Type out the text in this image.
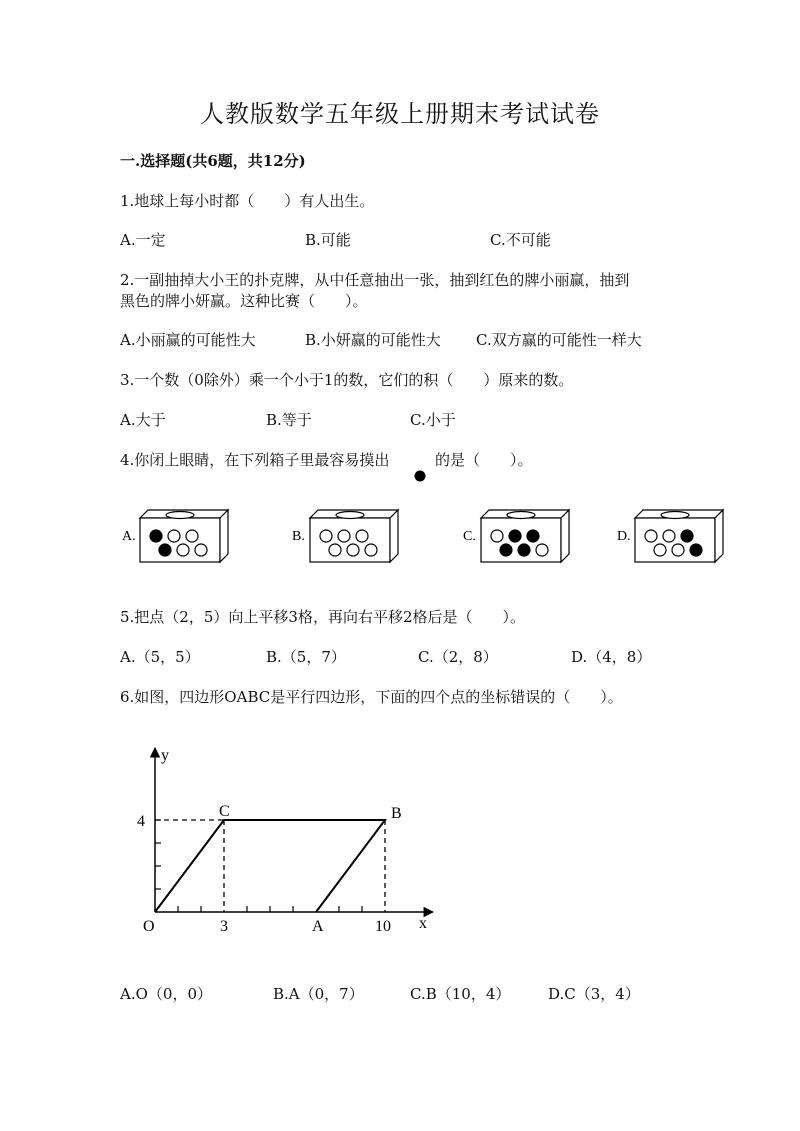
人教版数学五年级上册期末考试试卷
一.选择题(共6题，共12分)
1.地球上每小时都（　　）有人出生。
A.一定	B.可能	C.不可能
2.一副抽掉大小王的扑克牌，从中任意抽出一张，抽到红色的牌小丽赢，抽到
黑色的牌小妍赢。这种比赛（　　）。
A.小丽赢的可能性大	B.小妍赢的可能性大 C.双方赢的可能性一样大
3.一个数（0除外）乘一个小于1的数，它们的积（　　）原来的数。
A.大于	B.等于	C.小于
4.你闭上眼睛，在下列箱子里最容易摸出	的是（　　）。
A.	B.	C.	D.
5.把点（2，5）向上平移3格，再向右平移2格后是（　　）。
A.（5，5）	B.（5，7）	C.（2，8）	D.（4，8）
6.如图，四边形OABC是平行四边形，下面的四个点的坐标错误的（　　）。
y
x
O
C	B
A
4
3	10
A.O（0，0）	B.A（0，7）	C.B（10，4）	D.C（3，4）
